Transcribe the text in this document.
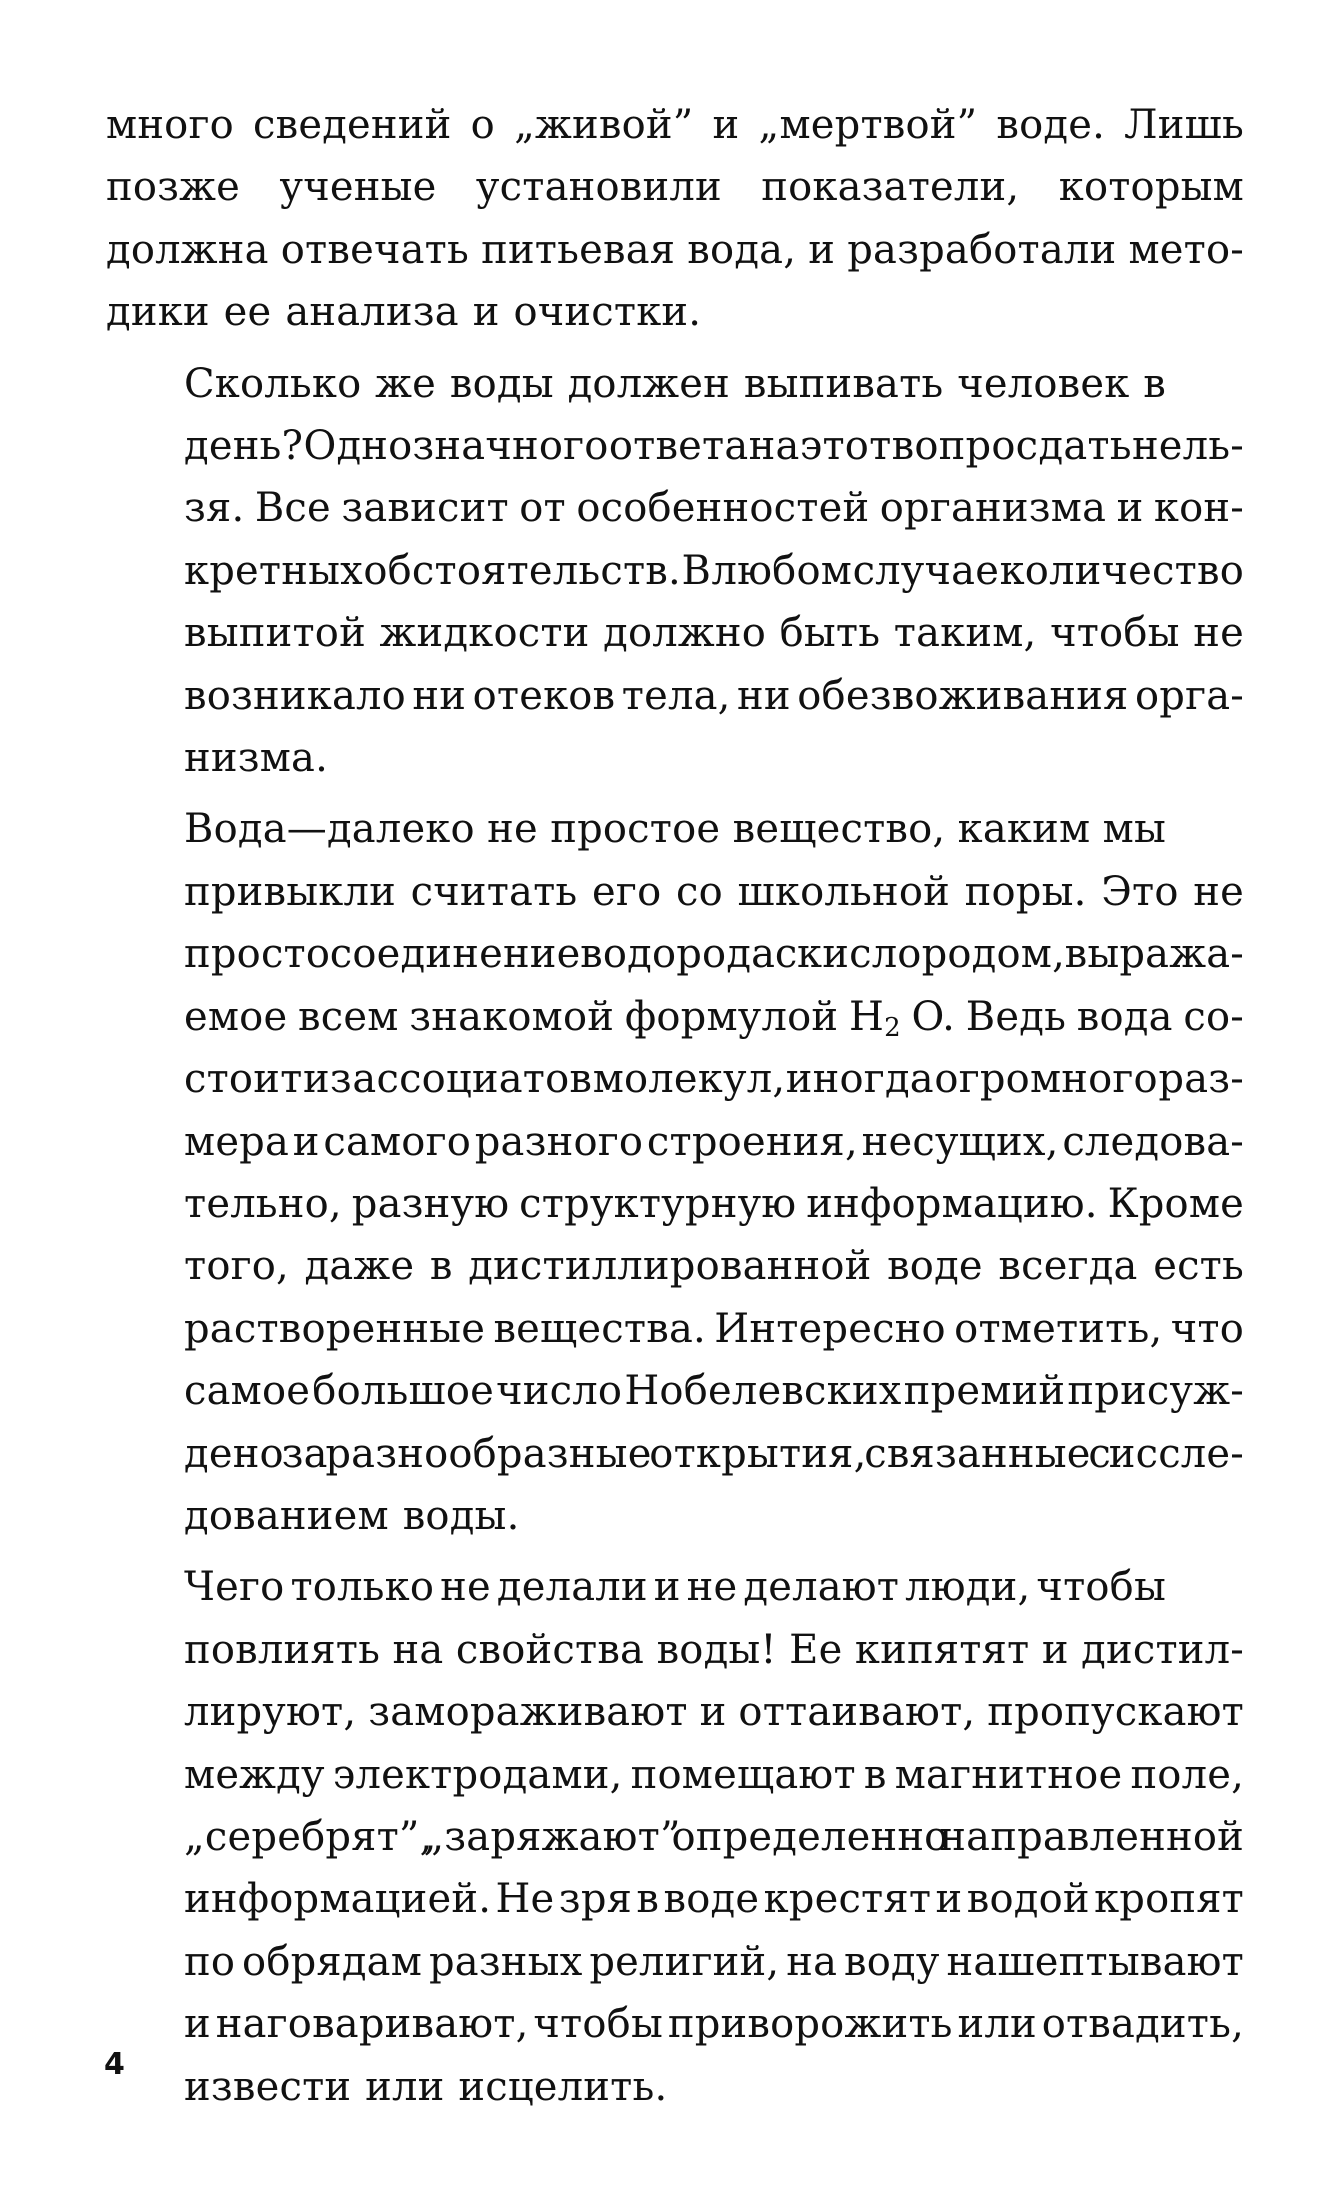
много сведений о „живой” и „мертвой” воде. Лишь
позже ученые установили показатели, которым
должна отвечать питьевая вода, и разработали мето-
дики ее анализа и очистки.

Сколько же воды должен выпивать человек в
день? Однозначного ответа на этот вопрос дать нель-
зя. Все зависит от особенностей организма и кон-
кретных обстоятельств. В любом случае количество
выпитой жидкости должно быть таким, чтобы не
возникало ни отеков тела, ни обезвоживания орга-
низма.

Вода—далеко не простое вещество, каким мы
привыкли считать его со школьной поры. Это не
просто соединение водорода с кислородом, выража-
емое всем знакомой формулой $H_2$ O. Ведь вода со-
стоит из ассоциатов молекул, иногда огромного раз-
мера и самого разного строения, несущих, следова-
тельно, разную структурную информацию. Кроме
того, даже в дистиллированной воде всегда есть
растворенные вещества. Интересно отметить, что
самое большое число Нобелевских премий присуж-
дено за разнообразные открытия, связанные с иссле-
дованием воды.

Чего только не делали и не делают люди, чтобы
повлиять на свойства воды! Ее кипятят и дистил-
лируют, замораживают и оттаивают, пропускают
между электродами, помещают в магнитное поле,
„серебрят”, „заряжают” определенно направленной
информацией. Не зря в воде крестят и водой кропят
по обрядам разных религий, на воду нашептывают
и наговаривают, чтобы приворожить или отвадить,
извести или исцелить.

4
